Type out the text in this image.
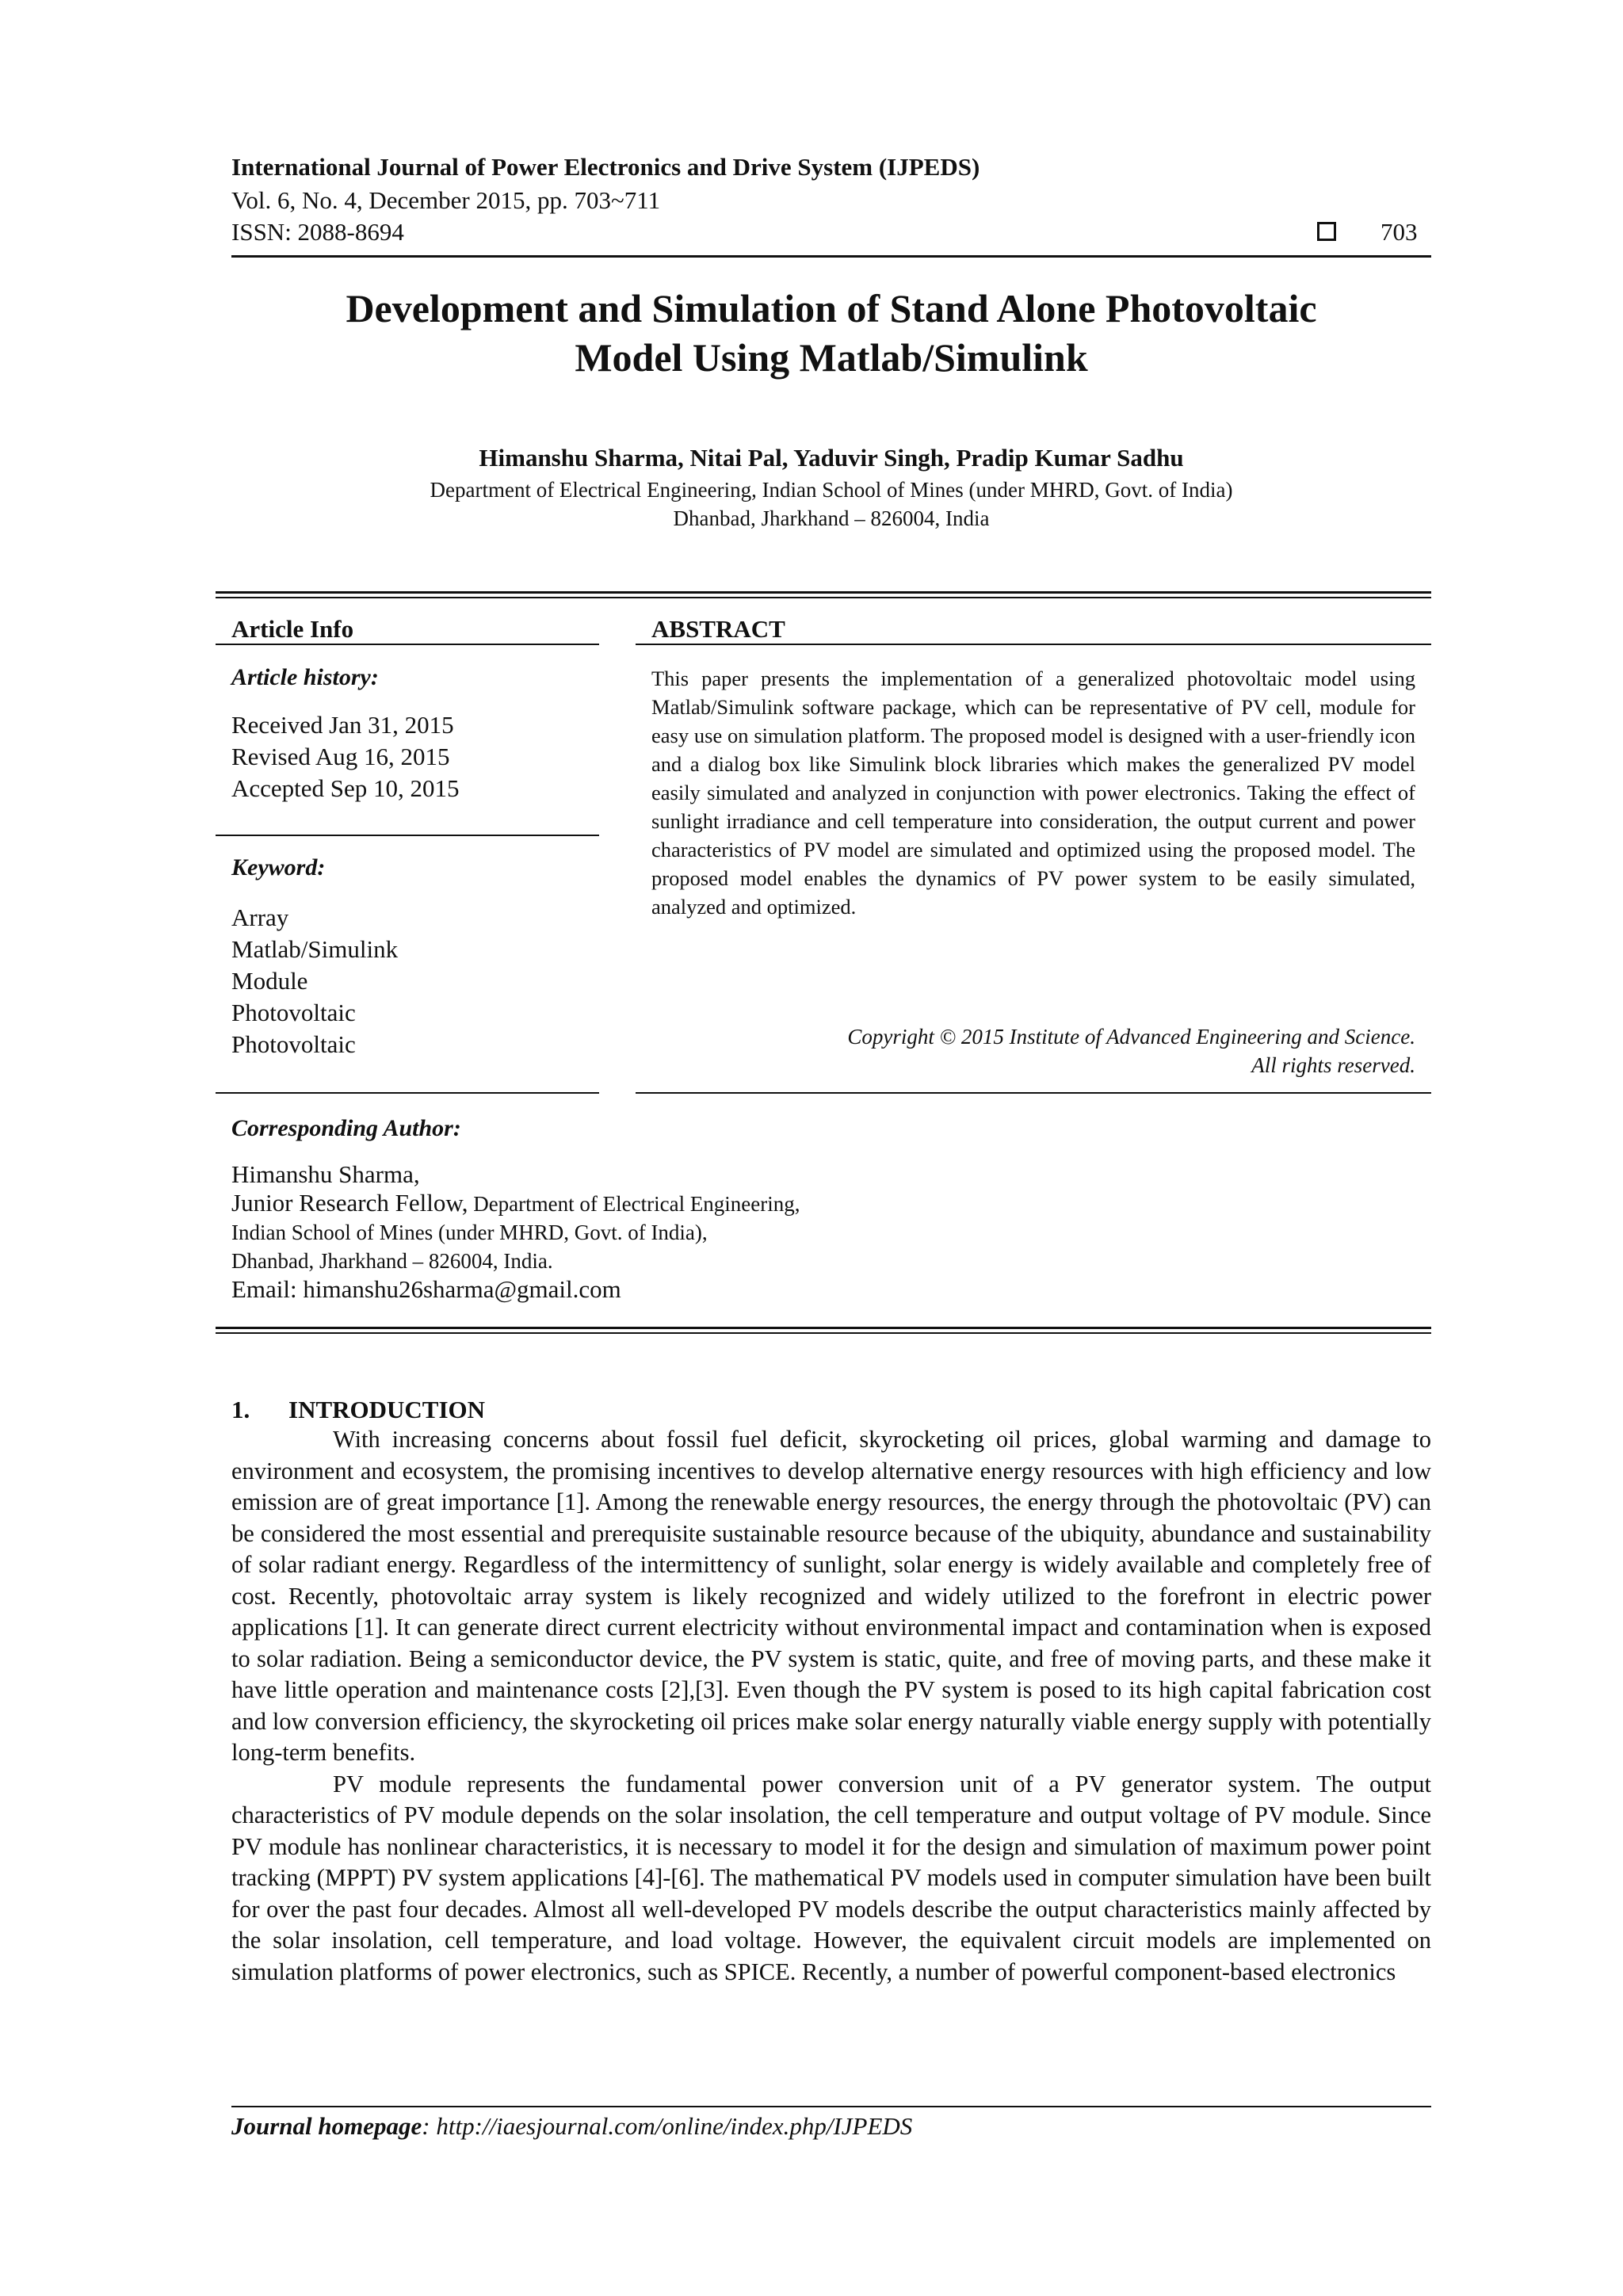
International Journal of Power Electronics and Drive System (IJPEDS)
Vol. 6, No. 4, December 2015, pp. 703~711
ISSN: 2088-8694	703
Development and Simulation of Stand Alone Photovoltaic
Model Using Matlab/Simulink
Himanshu Sharma, Nitai Pal, Yaduvir Singh, Pradip Kumar Sadhu
Department of Electrical Engineering, Indian School of Mines (under MHRD, Govt. of India)
Dhanbad, Jharkhand – 826004, India
Article Info
Article history:
Received Jan 31, 2015
Revised Aug 16, 2015
Accepted Sep 10, 2015
Keyword:
Array
Matlab/Simulink
Module
Photovoltaic
Photovoltaic
ABSTRACT
This paper presents the implementation of a generalized photovoltaic model using Matlab/Simulink software package, which can be representative of PV cell, module for easy use on simulation platform. The proposed model is designed with a user-friendly icon and a dialog box like Simulink block libraries which makes the generalized PV model easily simulated and analyzed in conjunction with power electronics. Taking the effect of sunlight irradiance and cell temperature into consideration, the output current and power characteristics of PV model are simulated and optimized using the proposed model. The proposed model enables the dynamics of PV power system to be easily simulated, analyzed and optimized.
Copyright © 2015 Institute of Advanced Engineering and Science.
All rights reserved.
Corresponding Author:
Himanshu Sharma,
Junior Research Fellow, Department of Electrical Engineering,
Indian School of Mines (under MHRD, Govt. of India),
Dhanbad, Jharkhand – 826004, India.
Email: himanshu26sharma@gmail.com
1. INTRODUCTION

With increasing concerns about fossil fuel deficit, skyrocketing oil prices, global warming and damage to environment and ecosystem, the promising incentives to develop alternative energy resources with high efficiency and low emission are of great importance [1]. Among the renewable energy resources, the energy through the photovoltaic (PV) can be considered the most essential and prerequisite sustainable resource because of the ubiquity, abundance and sustainability of solar radiant energy. Regardless of the intermittency of sunlight, solar energy is widely available and completely free of cost. Recently, photovoltaic array system is likely recognized and widely utilized to the forefront in electric power applications [1]. It can generate direct current electricity without environmental impact and contamination when is exposed to solar radiation. Being a semiconductor device, the PV system is static, quite, and free of moving parts, and these make it have little operation and maintenance costs [2],[3]. Even though the PV system is posed to its high capital fabrication cost and low conversion efficiency, the skyrocketing oil prices make solar energy naturally viable energy supply with potentially long-term benefits.

PV module represents the fundamental power conversion unit of a PV generator system. The output characteristics of PV module depends on the solar insolation, the cell temperature and output voltage of PV module. Since PV module has nonlinear characteristics, it is necessary to model it for the design and simulation of maximum power point tracking (MPPT) PV system applications [4]-[6]. The mathematical PV models used in computer simulation have been built for over the past four decades. Almost all well-developed PV models describe the output characteristics mainly affected by the solar insolation, cell temperature, and load voltage. However, the equivalent circuit models are implemented on simulation platforms of power electronics, such as SPICE. Recently, a number of powerful component-based electronics

Journal homepage: http://iaesjournal.com/online/index.php/IJPEDS
